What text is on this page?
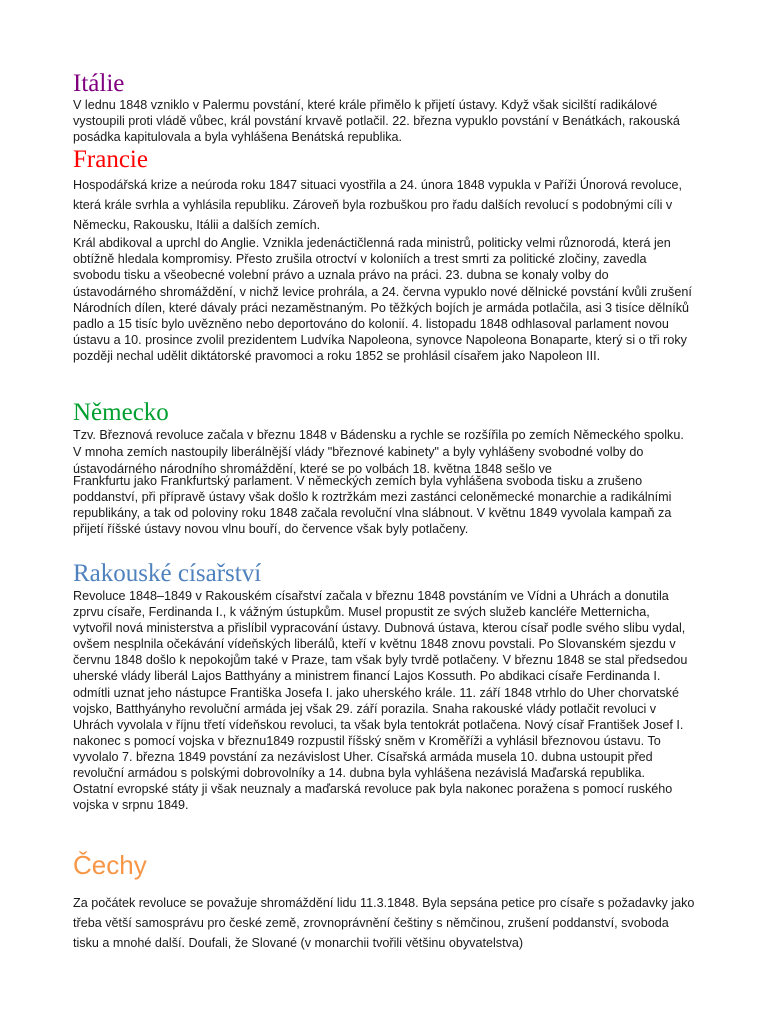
Itálie

V lednu 1848 vzniklo v Palermu povstání, které krále přimělo k přijetí ústavy. Když však sicilští radikálové vystoupili proti vládě vůbec, král povstání krvavě potlačil. 22. března vypuklo povstání v Benátkách, rakouská posádka kapitulovala a byla vyhlášena Benátská republika.

Francie

Hospodářská krize a neúroda roku 1847 situaci vyostřila a 24. února 1848 vypukla v Paříži Únorová revoluce, která krále svrhla a vyhlásila republiku. Zároveň byla rozbuškou pro řadu dalších revolucí s podobnými cíli v Německu, Rakousku, Itálii a dalších zemích.

Král abdikoval a uprchl do Anglie. Vznikla jedenáctičlenná rada ministrů, politicky velmi různorodá, která jen obtížně hledala kompromisy. Přesto zrušila otroctví v koloniích a trest smrti za politické zločiny, zavedla svobodu tisku a všeobecné volební právo a uznala právo na práci. 23. dubna se konaly volby do ústavodárného shromáždění, v nichž levice prohrála, a 24. června vypuklo nové dělnické povstání kvůli zrušení Národních dílen, které dávaly práci nezaměstnaným. Po těžkých bojích je armáda potlačila, asi 3 tisíce dělníků padlo a 15 tisíc bylo uvězněno nebo deportováno do kolonií. 4. listopadu 1848 odhlasoval parlament novou ústavu a 10. prosince zvolil prezidentem Ludvíka Napoleona, synovce Napoleona Bonaparte, který si o tři roky později nechal udělit diktátorské pravomoci a roku 1852 se prohlásil císařem jako Napoleon III.

Německo

Tzv. Březnová revoluce začala v březnu 1848 v Bádensku a rychle se rozšířila po zemích Německého spolku. V mnoha zemích nastoupily liberálnější vlády "březnové kabinety" a byly vyhlášeny svobodné volby do ústavodárného národního shromáždění, které se po volbách 18. května 1848 sešlo ve

Frankfurtu jako Frankfurtský parlament. V německých zemích byla vyhlášena svoboda tisku a zrušeno poddanství, při přípravě ústavy však došlo k roztržkám mezi zastánci celoněmecké monarchie a radikálními republikány, a tak od poloviny roku 1848 začala revoluční vlna slábnout. V květnu 1849 vyvolala kampaň za přijetí říšské ústavy novou vlnu bouří, do července však byly potlačeny.

Rakouské císařství

Revoluce 1848–1849 v Rakouském císařství začala v březnu 1848 povstáním ve Vídni a Uhrách a donutila zprvu císaře, Ferdinanda I., k vážným ústupkům. Musel propustit ze svých služeb kancléře Metternicha, vytvořil nová ministerstva a přislíbil vypracování ústavy. Dubnová ústava, kterou císař podle svého slibu vydal, ovšem nesplnila očekávání vídeňských liberálů, kteří v květnu 1848 znovu povstali. Po Slovanském sjezdu v červnu 1848 došlo k nepokojům také v Praze, tam však byly tvrdě potlačeny. V březnu 1848 se stal předsedou uherské vlády liberál Lajos Batthyány a ministrem financí Lajos Kossuth. Po abdikaci císaře Ferdinanda I. odmítli uznat jeho nástupce Františka Josefa I. jako uherského krále. 11. září 1848 vtrhlo do Uher chorvatské vojsko, Batthyányho revoluční armáda jej však 29. září porazila. Snaha rakouské vlády potlačit revoluci v Uhrách vyvolala v říjnu třetí vídeňskou revoluci, ta však byla tentokrát potlačena. Nový císař František Josef I. nakonec s pomocí vojska v březnu1849 rozpustil říšský sněm v Kroměříži a vyhlásil březnovou ústavu. To vyvolalo 7. března 1849 povstání za nezávislost Uher. Císařská armáda musela 10. dubna ustoupit před revoluční armádou s polskými dobrovolníky a 14. dubna byla vyhlášena nezávislá Maďarská republika. Ostatní evropské státy ji však neuznaly a maďarská revoluce pak byla nakonec poražena s pomocí ruského vojska v srpnu 1849.

Čechy

Za počátek revoluce se považuje shromáždění lidu 11.3.1848. Byla sepsána petice pro císaře s požadavky jako třeba větší samosprávu pro české země, zrovnoprávnění češtiny s němčinou, zrušení poddanství, svoboda tisku a mnohé další. Doufali, že Slované (v monarchii tvořili většinu obyvatelstva)
